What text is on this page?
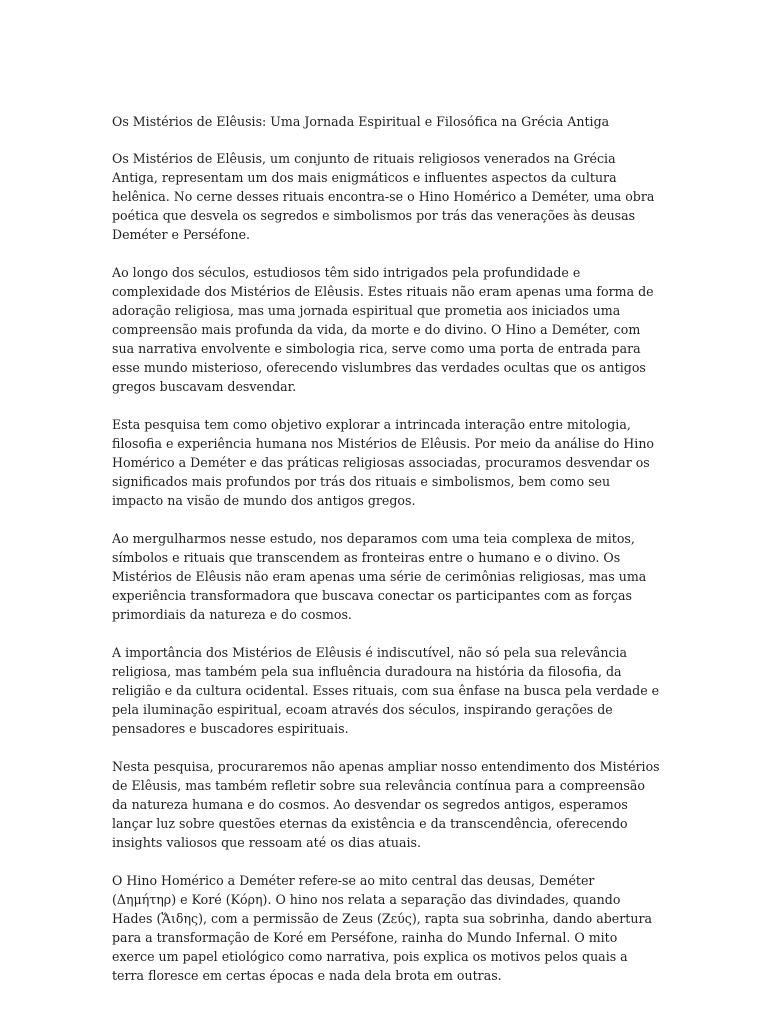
Os Mistérios de Elêusis: Uma Jornada Espiritual e Filosófica na Grécia Antiga

Os Mistérios de Elêusis, um conjunto de rituais religiosos venerados na Grécia Antiga, representam um dos mais enigmáticos e influentes aspectos da cultura helênica. No cerne desses rituais encontra-se o Hino Homérico a Deméter, uma obra poética que desvela os segredos e simbolismos por trás das venerações às deusas Deméter e Perséfone.

Ao longo dos séculos, estudiosos têm sido intrigados pela profundidade e complexidade dos Mistérios de Elêusis. Estes rituais não eram apenas uma forma de adoração religiosa, mas uma jornada espiritual que prometia aos iniciados uma compreensão mais profunda da vida, da morte e do divino. O Hino a Deméter, com sua narrativa envolvente e simbologia rica, serve como uma porta de entrada para esse mundo misterioso, oferecendo vislumbres das verdades ocultas que os antigos gregos buscavam desvendar.

Esta pesquisa tem como objetivo explorar a intrincada interação entre mitologia, filosofia e experiência humana nos Mistérios de Elêusis. Por meio da análise do Hino Homérico a Deméter e das práticas religiosas associadas, procuramos desvendar os significados mais profundos por trás dos rituais e simbolismos, bem como seu impacto na visão de mundo dos antigos gregos.

Ao mergulharmos nesse estudo, nos deparamos com uma teia complexa de mitos, símbolos e rituais que transcendem as fronteiras entre o humano e o divino. Os Mistérios de Elêusis não eram apenas uma série de cerimônias religiosas, mas uma experiência transformadora que buscava conectar os participantes com as forças primordiais da natureza e do cosmos.

A importância dos Mistérios de Elêusis é indiscutível, não só pela sua relevância religiosa, mas também pela sua influência duradoura na história da filosofia, da religião e da cultura ocidental. Esses rituais, com sua ênfase na busca pela verdade e pela iluminação espiritual, ecoam através dos séculos, inspirando gerações de pensadores e buscadores espirituais.

Nesta pesquisa, procuraremos não apenas ampliar nosso entendimento dos Mistérios de Elêusis, mas também refletir sobre sua relevância contínua para a compreensão da natureza humana e do cosmos. Ao desvendar os segredos antigos, esperamos lançar luz sobre questões eternas da existência e da transcendência, oferecendo insights valiosos que ressoam até os dias atuais.

O Hino Homérico a Deméter refere-se ao mito central das deusas, Deméter (Δημήτηρ) e Koré (Κόρη). O hino nos relata a separação das divindades, quando Hades (Ἅιδης), com a permissão de Zeus (Ζεύς), rapta sua sobrinha, dando abertura para a transformação de Koré em Perséfone, rainha do Mundo Infernal. O mito exerce um papel etiológico como narrativa, pois explica os motivos pelos quais a terra floresce em certas épocas e nada dela brota em outras.
